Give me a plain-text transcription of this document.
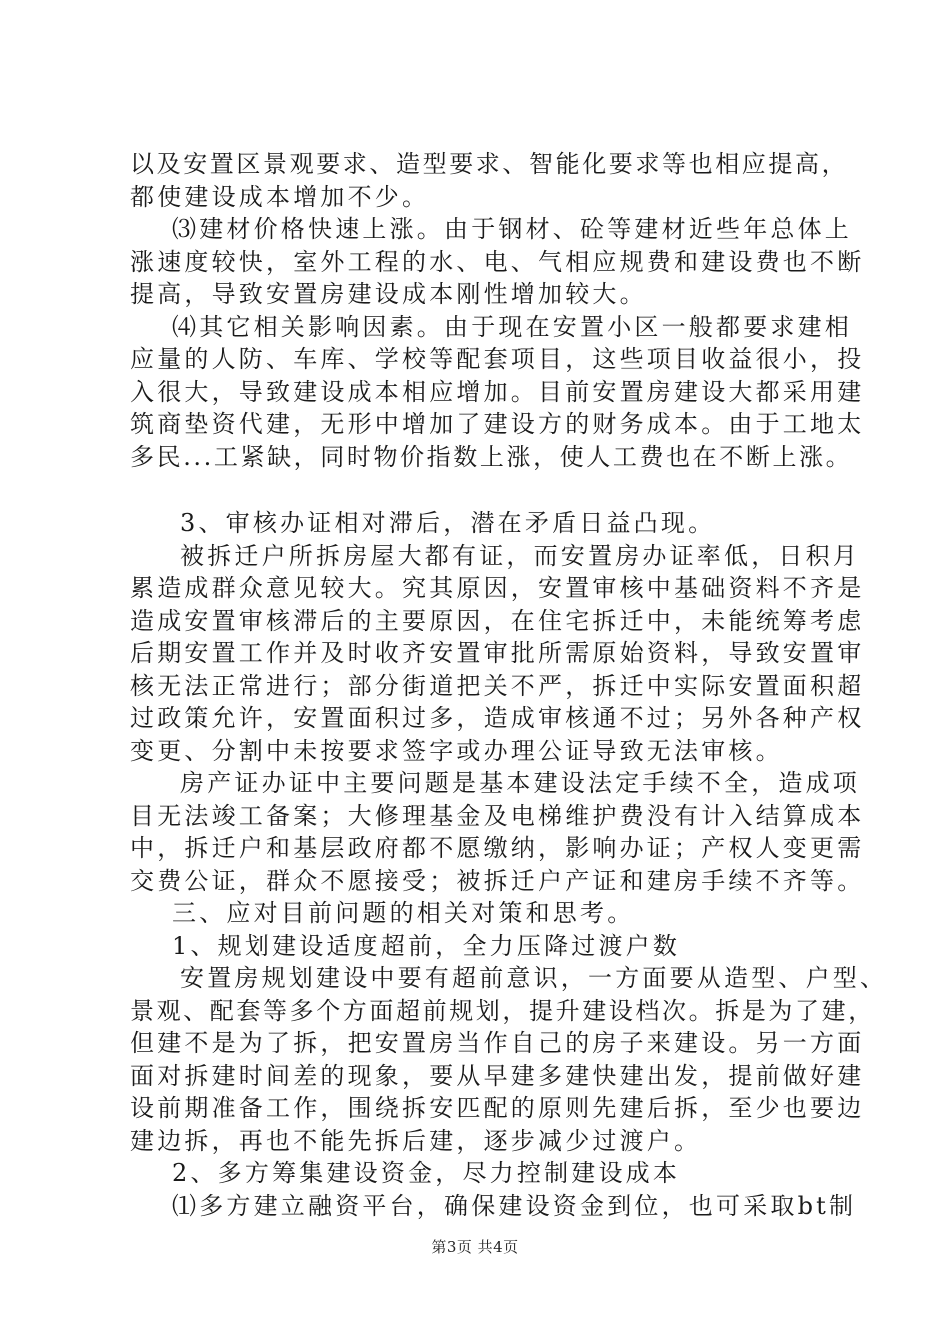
以及安置区景观要求、造型要求、智能化要求等也相应提高，
都使建设成本增加不少。
⑶建材价格快速上涨。由于钢材、砼等建材近些年总体上
涨速度较快，室外工程的水、电、气相应规费和建设费也不断
提高，导致安置房建设成本刚性增加较大。
⑷其它相关影响因素。由于现在安置小区一般都要求建相
应量的人防、车库、学校等配套项目，这些项目收益很小，投
入很大，导致建设成本相应增加。目前安置房建设大都采用建
筑商垫资代建，无形中增加了建设方的财务成本。由于工地太
多民...工紧缺，同时物价指数上涨，使人工费也在不断上涨。
3、审核办证相对滞后，潜在矛盾日益凸现。
被拆迁户所拆房屋大都有证，而安置房办证率低，日积月
累造成群众意见较大。究其原因，安置审核中基础资料不齐是
造成安置审核滞后的主要原因，在住宅拆迁中，未能统筹考虑
后期安置工作并及时收齐安置审批所需原始资料，导致安置审
核无法正常进行；部分街道把关不严，拆迁中实际安置面积超
过政策允许，安置面积过多，造成审核通不过；另外各种产权
变更、分割中未按要求签字或办理公证导致无法审核。
房产证办证中主要问题是基本建设法定手续不全，造成项
目无法竣工备案；大修理基金及电梯维护费没有计入结算成本
中，拆迁户和基层政府都不愿缴纳，影响办证；产权人变更需
交费公证，群众不愿接受；被拆迁户产证和建房手续不齐等。
三、应对目前问题的相关对策和思考。
1、规划建设适度超前，全力压降过渡户数
安置房规划建设中要有超前意识，一方面要从造型、户型、
景观、配套等多个方面超前规划，提升建设档次。拆是为了建，
但建不是为了拆，把安置房当作自己的房子来建设。另一方面
面对拆建时间差的现象，要从早建多建快建出发，提前做好建
设前期准备工作，围绕拆安匹配的原则先建后拆，至少也要边
建边拆，再也不能先拆后建，逐步减少过渡户。
2、多方筹集建设资金，尽力控制建设成本
⑴多方建立融资平台，确保建设资金到位，也可采取bt制
第3页 共4页
